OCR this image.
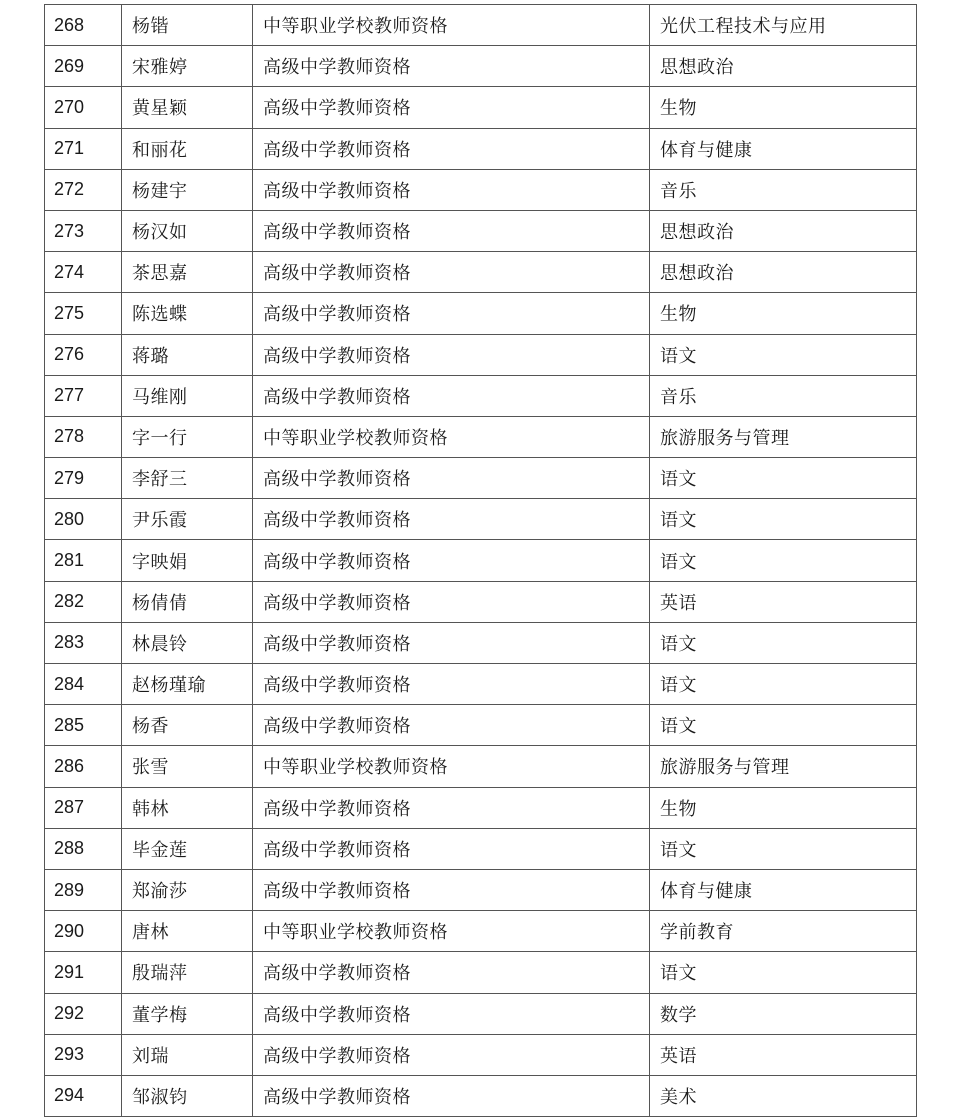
268	杨锴	中等职业学校教师资格	光伏工程技术与应用
269	宋雅婷	高级中学教师资格	思想政治
270	黄星颖	高级中学教师资格	生物
271	和丽花	高级中学教师资格	体育与健康
272	杨建宇	高级中学教师资格	音乐
273	杨汉如	高级中学教师资格	思想政治
274	茶思嘉	高级中学教师资格	思想政治
275	陈选蝶	高级中学教师资格	生物
276	蒋璐	高级中学教师资格	语文
277	马维刚	高级中学教师资格	音乐
278	字一行	中等职业学校教师资格	旅游服务与管理
279	李舒三	高级中学教师资格	语文
280	尹乐霞	高级中学教师资格	语文
281	字映娟	高级中学教师资格	语文
282	杨倩倩	高级中学教师资格	英语
283	林晨铃	高级中学教师资格	语文
284	赵杨瑾瑜	高级中学教师资格	语文
285	杨香	高级中学教师资格	语文
286	张雪	中等职业学校教师资格	旅游服务与管理
287	韩林	高级中学教师资格	生物
288	毕金莲	高级中学教师资格	语文
289	郑渝莎	高级中学教师资格	体育与健康
290	唐林	中等职业学校教师资格	学前教育
291	殷瑞萍	高级中学教师资格	语文
292	董学梅	高级中学教师资格	数学
293	刘瑞	高级中学教师资格	英语
294	邹淑钧	高级中学教师资格	美术
